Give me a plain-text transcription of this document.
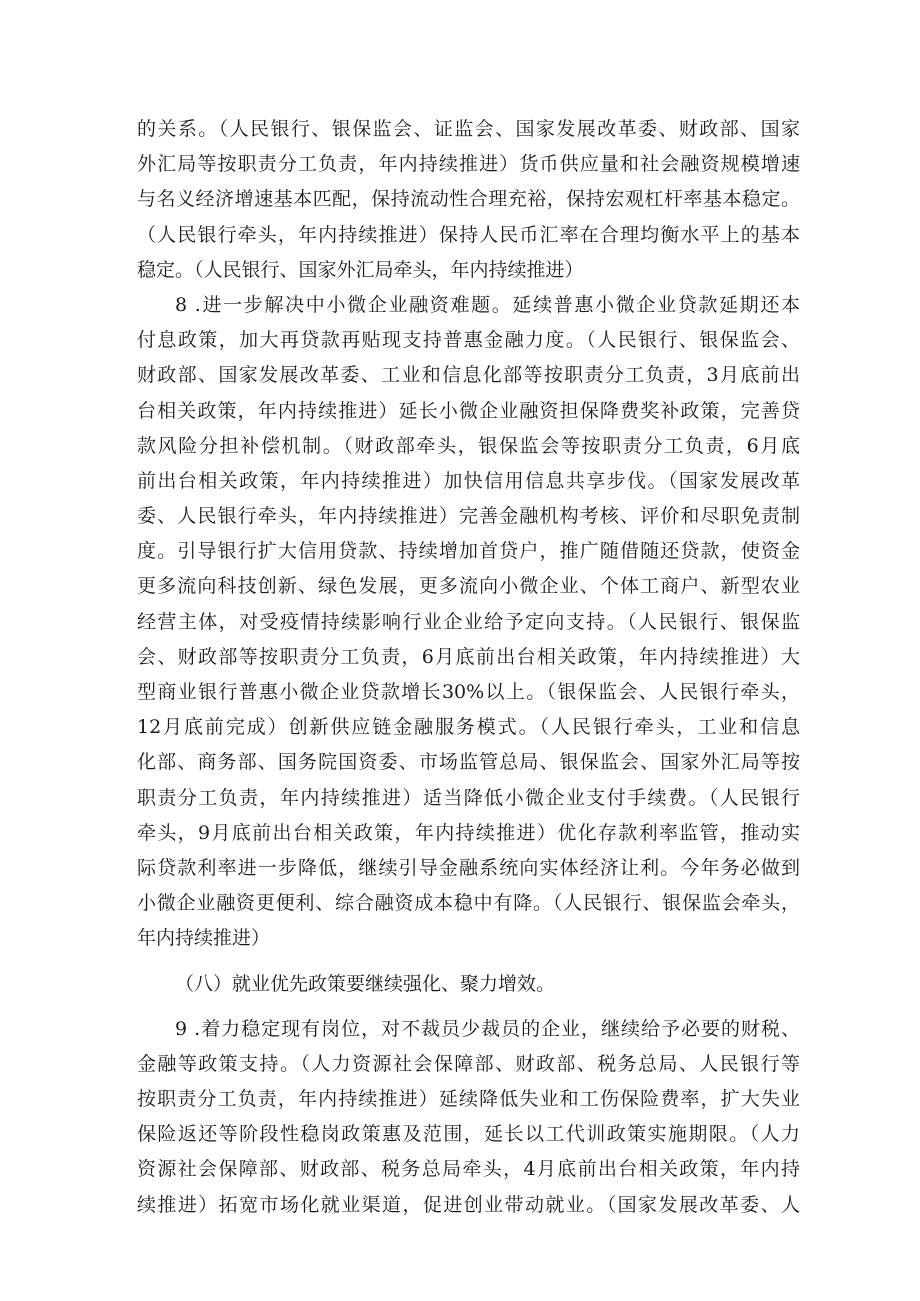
的关系。（人民银行、银保监会、证监会、国家发展改革委、财政部、国家
外汇局等按职责分工负责，年内持续推进）货币供应量和社会融资规模增速
与名义经济增速基本匹配，保持流动性合理充裕，保持宏观杠杆率基本稳定。
（人民银行牵头，年内持续推进）保持人民币汇率在合理均衡水平上的基本
稳定。（人民银行、国家外汇局牵头，年内持续推进）
8 .进一步解决中小微企业融资难题。延续普惠小微企业贷款延期还本
付息政策，加大再贷款再贴现支持普惠金融力度。（人民银行、银保监会、
财政部、国家发展改革委、工业和信息化部等按职责分工负责，3月底前出
台相关政策，年内持续推进）延长小微企业融资担保降费奖补政策，完善贷
款风险分担补偿机制。（财政部牵头，银保监会等按职责分工负责，6月底
前出台相关政策，年内持续推进）加快信用信息共享步伐。（国家发展改革
委、人民银行牵头，年内持续推进）完善金融机构考核、评价和尽职免责制
度。引导银行扩大信用贷款、持续增加首贷户，推广随借随还贷款，使资金
更多流向科技创新、绿色发展，更多流向小微企业、个体工商户、新型农业
经营主体，对受疫情持续影响行业企业给予定向支持。（人民银行、银保监
会、财政部等按职责分工负责，6月底前出台相关政策，年内持续推进）大
型商业银行普惠小微企业贷款增长30%以上。（银保监会、人民银行牵头，
12月底前完成）创新供应链金融服务模式。（人民银行牵头，工业和信息
化部、商务部、国务院国资委、市场监管总局、银保监会、国家外汇局等按
职责分工负责，年内持续推进）适当降低小微企业支付手续费。（人民银行
牵头，9月底前出台相关政策，年内持续推进）优化存款利率监管，推动实
际贷款利率进一步降低，继续引导金融系统向实体经济让利。今年务必做到
小微企业融资更便利、综合融资成本稳中有降。（人民银行、银保监会牵头，
年内持续推进）
（八）就业优先政策要继续强化、聚力增效。
9 .着力稳定现有岗位，对不裁员少裁员的企业，继续给予必要的财税、
金融等政策支持。（人力资源社会保障部、财政部、税务总局、人民银行等
按职责分工负责，年内持续推进）延续降低失业和工伤保险费率，扩大失业
保险返还等阶段性稳岗政策惠及范围，延长以工代训政策实施期限。（人力
资源社会保障部、财政部、税务总局牵头，4月底前出台相关政策，年内持
续推进）拓宽市场化就业渠道，促进创业带动就业。（国家发展改革委、人
